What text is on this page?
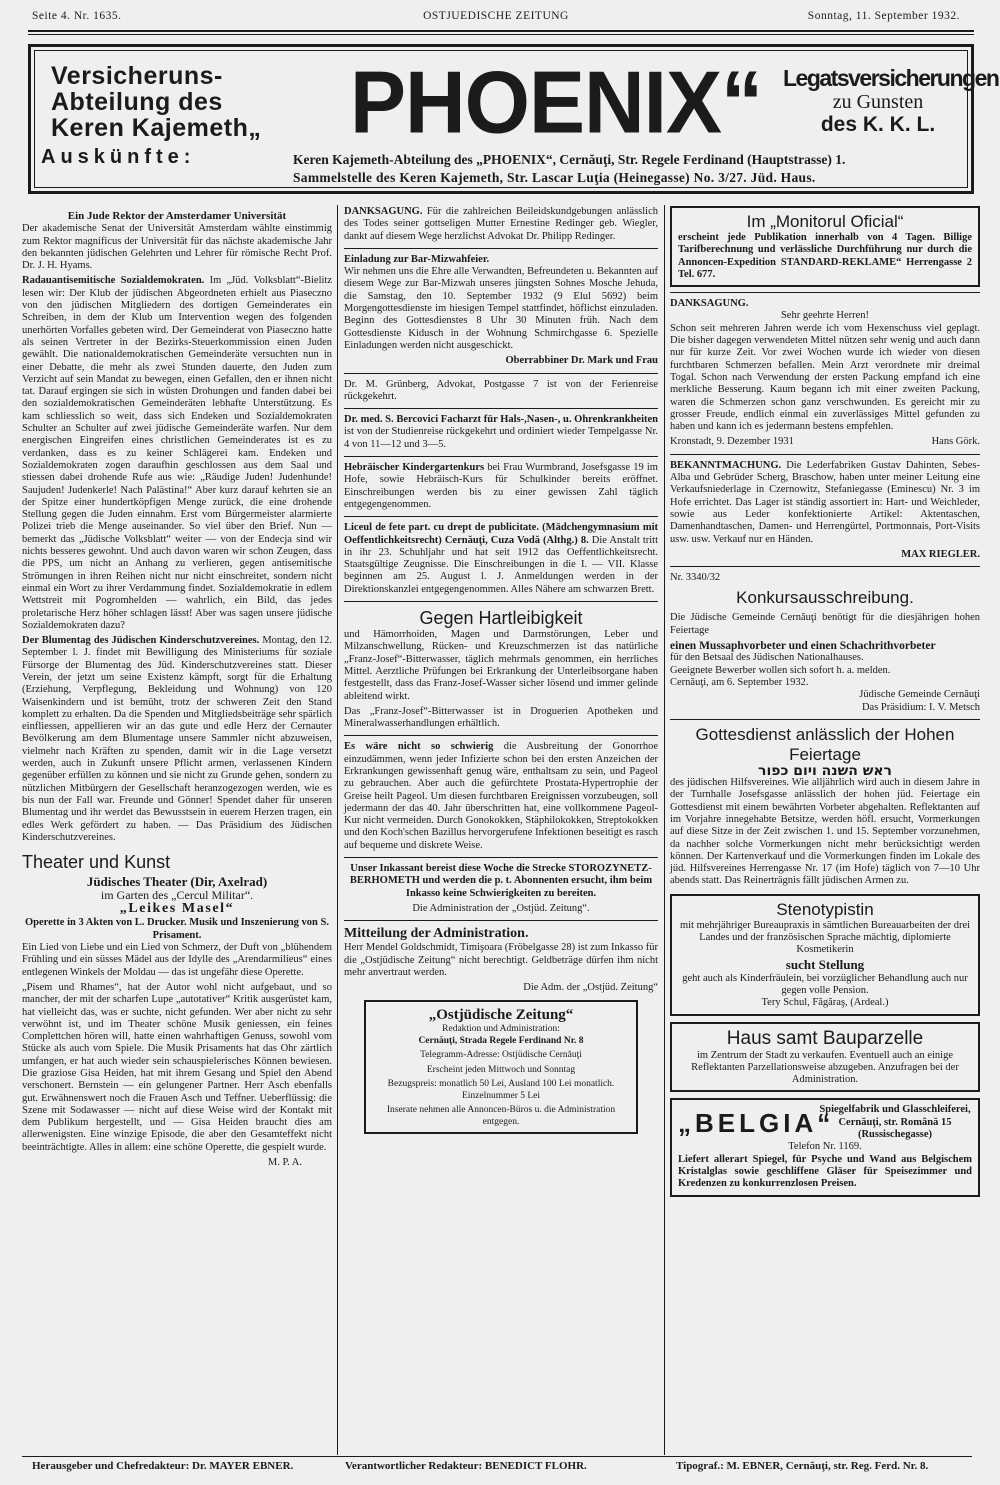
Seite 4. Nr. 1635.	OSTJUEDISCHE ZEITUNG	Sonntag, 11. September 1932.
Versicheruns-Abteilung des Keren Kajemeth„	PHOENIX“ Legatsversicherungen
zu Gunsten
des K. K. L.
Auskünfte:	Keren Kajemeth-Abteilung des „PHOENIX“, Cernăuţi, Str. Regele Ferdinand (Hauptstrasse) 1.
Sammelstelle des Keren Kajemeth, Str. Lascar Luţia (Heinegasse) No. 3/27. Jüd. Haus.
Ein Jude Rektor der Amsterdamer Universität

Der akademische Senat der Universität Amsterdam wählte einstimmig zum Rektor magnificus der Universität für das nächste akademische Jahr den bekannten jüdischen Gelehrten und Lehrer für römische Recht Prof. Dr. J. H. Hyams.

Radauantisemitische Sozialdemokraten. Im „Jüd. Volksblatt“-Bielitz lesen wir: Der Klub der jüdischen Abgeordneten erhielt aus Piaseczno von den jüdischen Mitgliedern des dortigen Gemeinderates ein Schreiben, in dem der Klub um Intervention wegen des folgenden unerhörten Vorfalles gebeten wird. Der Gemeinderat von Piaseczno hatte als seinen Vertreter in der Bezirks-Steuerkommission einen Juden gewählt. Die nationaldemokratischen Gemeinderäte versuchten nun in einer Debatte, die mehr als zwei Stunden dauerte, den Juden zum Verzicht auf sein Mandat zu bewegen, einen Gefallen, den er ihnen nicht tat. Darauf ergingen sie sich in wüsten Drohungen und fanden dabei bei den sozialdemokratischen Gemeinderäten lebhafte Unterstützung. Es kam schliesslich so weit, dass sich Endeken und Sozialdemokraten Schulter an Schulter auf zwei jüdische Gemeinderäte warfen. Nur dem energischen Eingreifen eines christlichen Gemeinderates ist es zu verdanken, dass es zu keiner Schlägerei kam. Endeken und Sozialdemokraten zogen daraufhin geschlossen aus dem Saal und stiessen dabei drohende Rufe aus wie: „Räudige Juden! Judenhunde! Saujuden! Judenkerle! Nach Palästina!“ Aber kurz darauf kehrten sie an der Spitze einer hundertköpfigen Menge zurück, die eine drohende Stellung gegen die Juden einnahm. Erst vom Bürgermeister alarmierte Polizei trieb die Menge auseinander. So viel über den Brief. Nun — bemerkt das „Jüdische Volksblatt“ weiter — von der Endecja sind wir nichts besseres gewohnt. Und auch davon waren wir schon Zeugen, dass die PPS, um nicht an Anhang zu verlieren, gegen antisemitische Strömungen in ihren Reihen nicht nur nicht einschreitet, sondern nicht einmal ein Wort zu ihrer Verdammung findet. Sozialdemokratie in edlem Wettstreit mit Pogromhelden — wahrlich, ein Bild, das jedes proletarische Herz höher schlagen lässt! Aber was sagen unsere jüdische Sozialdemokraten dazu?

Der Blumentag des Jüdischen Kinderschutzvereines. Montag, den 12. September l. J. findet mit Bewilligung des Ministeriums für soziale Fürsorge der Blumentag des Jüd. Kinderschutzvereines statt. Dieser Verein, der jetzt um seine Existenz kämpft, sorgt für die Erhaltung (Erziehung, Verpflegung, Bekleidung und Wohnung) von 120 Waisenkindern und ist bemüht, trotz der schweren Zeit den Stand komplett zu erhalten. Da die Spenden und Mitgliedsbeiträge sehr spärlich einfliessen, appellieren wir an das gute und edle Herz der Cernauter Bevölkerung am dem Blumentage unsere Sammler nicht abzuweisen, vielmehr nach Kräften zu spenden, damit wir in die Lage versetzt werden, auch in Zukunft unsere Pflicht armen, verlassenen Kindern gegenüber erfüllen zu können und sie nicht zu Grunde gehen, sondern zu nützlichen Mitbürgern der Gesellschaft heranzogezogen werden, wie es bis nun der Fall war. Freunde und Gönner! Spendet daher für unseren Blumentag und ihr werdet das Bewusstsein in euerem Herzen tragen, ein edles Werk gefördert zu haben. — Das Präsidium des Jüdischen Kinderschutzvereines.

Theater und Kunst
Jüdisches Theater (Dir, Axelrad)
im Garten des „Cercul Militar“.
„Leikes Masel“
Operette in 3 Akten von L. Drucker. Musik und Inszenierung von S. Prisament.

Ein Lied von Liebe und ein Lied von Schmerz, der Duft von „blühendem Frühling und ein süsses Mädel aus der Idylle des „Arendarmilieus“ eines entlegenen Winkels der Moldau — das ist ungefähr diese Operette.

„Pisem und Rhames“, hat der Autor wohl nicht aufgebaut, und so mancher, der mit der scharfen Lupe „autotativer“ Kritik ausgerüstet kam, hat vielleicht das, was er suchte, nicht gefunden. Wer aber nicht zu sehr verwöhnt ist, und im Theater schöne Musik geniessen, ein feines Complettchen hören will, hatte einen wahrhaftigen Genuss, sowohl vom Stücke als auch vom Spiele. Die Musik Prisaments hat das Ohr zärtlich umfangen, er hat auch wieder sein schauspielerisches Können bewiesen. Die graziose Gisa Heiden, hat mit ihrem Gesang und Spiel den Abend verschonert. Bernstein — ein gelungener Partner. Herr Asch ebenfalls gut. Erwähnenswert noch die Frauen Asch und Teffner. Ueberflüssig: die Szene mit Sodawasser — nicht auf diese Weise wird der Kontakt mit dem Publikum hergestellt, und — Gisa Heiden braucht dies am allerwenigsten. Eine winzige Episode, die aber den Gesamteffekt nicht beeinträchtigte. Alles in allem: eine schöne Operette, die gespielt wurde.

M. P. A.

DANKSAGUNG. Für die zahlreichen Beileidskundgebungen anlässlich des Todes seiner gottseligen Mutter Ernestine Redinger geb. Wiegler, dankt auf diesem Wege herzlichst Advokat Dr. Philipp Redinger.

Einladung zur Bar-Mizwahfeier.

Wir nehmen uns die Ehre alle Verwandten, Befreundeten u. Bekannten auf diesem Wege zur Bar-Mizwah unseres jüngsten Sohnes Mosche Jehuda, die Samstag, den 10. September 1932 (9 Elul 5692) beim Morgengottesdienste im hiesigen Tempel stattfindet, höflichst einzuladen. Beginn des Gottesdienstes 8 Uhr 30 Minuten früh. Nach dem Gottesdienste Kidusch in der Wohnung Schmirchgasse 6. Spezielle Einladungen werden nicht ausgeschickt.

Oberrabbiner Dr. Mark und Frau

Dr. M. Grünberg, Advokat, Postgasse 7 ist von der Ferienreise rückgekehrt.

Dr. med. S. Bercovici Facharzt für Hals-,Nasen-, u. Ohrenkrankheiten ist von der Studienreise rückgekehrt und ordiniert wieder Tempelgasse Nr. 4 von 11—12 und 3—5.

Hebräischer Kindergartenkurs bei Frau Wurmbrand, Josefsgasse 19 im Hofe, sowie Hebräisch-Kurs für Schulkinder bereits eröffnet. Einschreibungen werden bis zu einer gewissen Zahl täglich entgegengenommen.

Liceul de fete part. cu drept de publicitate. (Mädchengymnasium mit Oeffentlichkeitsrecht) Cernăuţi, Cuza Vodă (Althg.) 8. Die Anstalt tritt in ihr 23. Schuhljahr und hat seit 1912 das Oeffentlichkeitsrecht. Staatsgültige Zeugnisse. Die Einschreibungen in die I. — VII. Klasse beginnen am 25. August l. J. Anmeldungen werden in der Direktionskanzlei entgegengenommen. Alles Nähere am schwarzen Brett.

Gegen Hartleibigkeit

und Hämorrhoiden, Magen und Darmstörungen, Leber und Milzanschwellung, Rücken- und Kreuzschmerzen ist das natürliche „Franz-Josef“-Bitterwasser, täglich mehrmals genommen, ein herrliches Mittel. Aerztliche Prüfungen bei Erkrankung der Unterleibsorgane haben festgestellt, dass das Franz-Josef-Wasser sicher lösend und immer gelinde ableitend wirkt.

Das „Franz-Josef“-Bitterwasser ist in Droguerien Apotheken und Mineralwasserhandlungen erhältlich.

Es wäre nicht so schwierig die Ausbreitung der Gonorrhoe einzudämmen, wenn jeder Infizierte schon bei den ersten Anzeichen der Erkrankungen gewissenhaft genug wäre, enthaltsam zu sein, und Pageol zu gebrauchen. Aber auch die gefürchtete Prostata-Hypertrophie der Greise heilt Pageol. Um diesen furchtbaren Ereignissen vorzubeugen, soll jedermann der das 40. Jahr überschritten hat, eine vollkommene Pageol-Kur nicht vermeiden. Durch Gonokokken, Stäphilokokken, Streptokokken und den Koch'schen Bazillus hervorgerufene Infektionen beseitigt es rasch auf bequeme und diskrete Weise.

Unser Inkassant bereist diese Woche die Strecke STOROZYNETZ-BERHOMETH und werden die p. t. Abonnenten ersucht, ihm beim Inkasso keine Schwierigkeiten zu bereiten.

Die Administration der „Ostjüd. Zeitung“.
Mitteilung der Administration.

Herr Mendel Goldschmidt, Timişoara (Fröbelgasse 28) ist zum Inkasso für die „Ostjüdische Zeitung“ nicht berechtigt. Geldbeträge dürfen ihm nicht mehr anvertraut werden.

Die Adm. der „Ostjüd. Zeitung“
„Ostjüdische Zeitung“
Redaktion und Administration:
Cernăuţi, Strada Regele Ferdinand Nr. 8
Telegramm-Adresse: Ostjüdische Cernăuţi
Erscheint jeden Mittwoch und Sonntag
Bezugspreis: monatlich 50 Lei, Ausland 100 Lei monatlich. Einzelnummer 5 Lei
Inserate nehmen alle Annoncen-Büros u. die Administration entgegen.
Im „Monitorul Oficial“
erscheint jede Publikation innerhalb von 4 Tagen. Billige Tarifberechnung und verlässliche Durchführung nur durch die Annoncen-Expedition STANDARD-REKLAME“ Herrengasse 2 Tel. 677.
DANKSAGUNG.
Sehr geehrte Herren!

Schon seit mehreren Jahren werde ich vom Hexenschuss viel geplagt. Die bisher dagegen verwendeten Mittel nützen sehr wenig und auch dann nur für kurze Zeit. Vor zwei Wochen wurde ich wieder von diesen furchtbaren Schmerzen befallen. Mein Arzt verordnete mir dreimal Togal. Schon nach Verwendung der ersten Packung empfand ich eine merkliche Besserung. Kaum begann ich mit einer zweiten Packung, waren die Schmerzen schon ganz verschwunden. Es gereicht mir zu grosser Freude, endlich einmal ein zuverlässiges Mittel gefunden zu haben und kann ich es jedermann bestens empfehlen.

Kronstadt, 9. Dezember 1931	Hans Görk.

BEKANNTMACHUNG. Die Lederfabriken Gustav Dahinten, Sebes-Alba und Gebrüder Scherg, Braschow, haben unter meiner Leitung eine Verkaufsniederlage in Czernowitz, Stefaniegasse (Eminescu) Nr. 3 im Hofe errichtet. Das Lager ist ständig assortiert in: Hart- und Weichleder, sowie aus Leder konfektionierte Artikel: Aktentaschen, Damenhandtaschen, Damen- und Herrengürtel, Portmonnais, Port-Visits usw. usw. Verkauf nur en Händen.

MAX RIEGLER.
Nr. 3340/32
Konkursausschreibung.

Die Jüdische Gemeinde Cernăuţi benötigt für die diesjährigen hohen Feiertage

einen Mussaphvorbeter und einen Schachrithvorbeter
für den Betsaal des Jüdischen Nationalhauses.
Geeignete Bewerber wollen sich sofort h. a. melden.
Cernăuţi, am 6. September 1932.
Jüdische Gemeinde Cernăuţi
Das Präsidium: I. V. Metsch
Gottesdienst anlässlich der Hohen Feiertage
ראש השנה ויום כפור

des jüdischen Hilfsvereines. Wie alljährlich wird auch in diesem Jahre in der Turnhalle Josefsgasse anlässlich der hohen jüd. Feiertage ein Gottesdienst mit einem bewährten Vorbeter abgehalten. Reflektanten auf im Vorjahre innegehabte Betsitze, werden höfl. ersucht, Vormerkungen auf diese Sitze in der Zeit zwischen 1. und 15. September vorzunehmen, da nachher solche Vormerkungen nicht mehr berücksichtigt werden können. Der Kartenverkauf und die Vormerkungen finden im Lokale des jüd. Hilfsvereines Herrengasse Nr. 17 (im Hofe) täglich von 7—10 Uhr abends statt. Das Reinerträgnis fällt jüdischen Armen zu.

Stenotypistin
mit mehrjähriger Bureaupraxis in sämtlichen Bureauarbeiten der drei Landes und der französischen Sprache mächtig, diplomierte Kosmetikerin
sucht Stellung
geht auch als Kinderfräulein, bei vorzüglicher Behandlung auch nur gegen volle Pension.
Tery Schul, Făgăraş, (Ardeal.)
Haus samt Bauparzelle
im Zentrum der Stadt zu verkaufen. Eventuell auch an einige Reflektanten Parzellationsweise abzugeben. Anzufragen bei der Administration.
„BELGIA“
Spiegelfabrik und Glasschleiferei, Cernăuţi, str. Română 15 (Russischegasse)
Telefon Nr. 1169.
Liefert allerart Spiegel, für Psyche und Wand aus Belgischem Kristalglas sowie geschliffene Gläser für Speisezimmer und Kredenzen zu konkurrenzlosen Preisen.
Herausgeber und Chefredakteur: Dr. MAYER EBNER.	Verantwortlicher Redakteur: BENEDICT FLOHR.	Tipograf.: M. EBNER, Cernăuţi, str. Reg. Ferd. Nr. 8.
